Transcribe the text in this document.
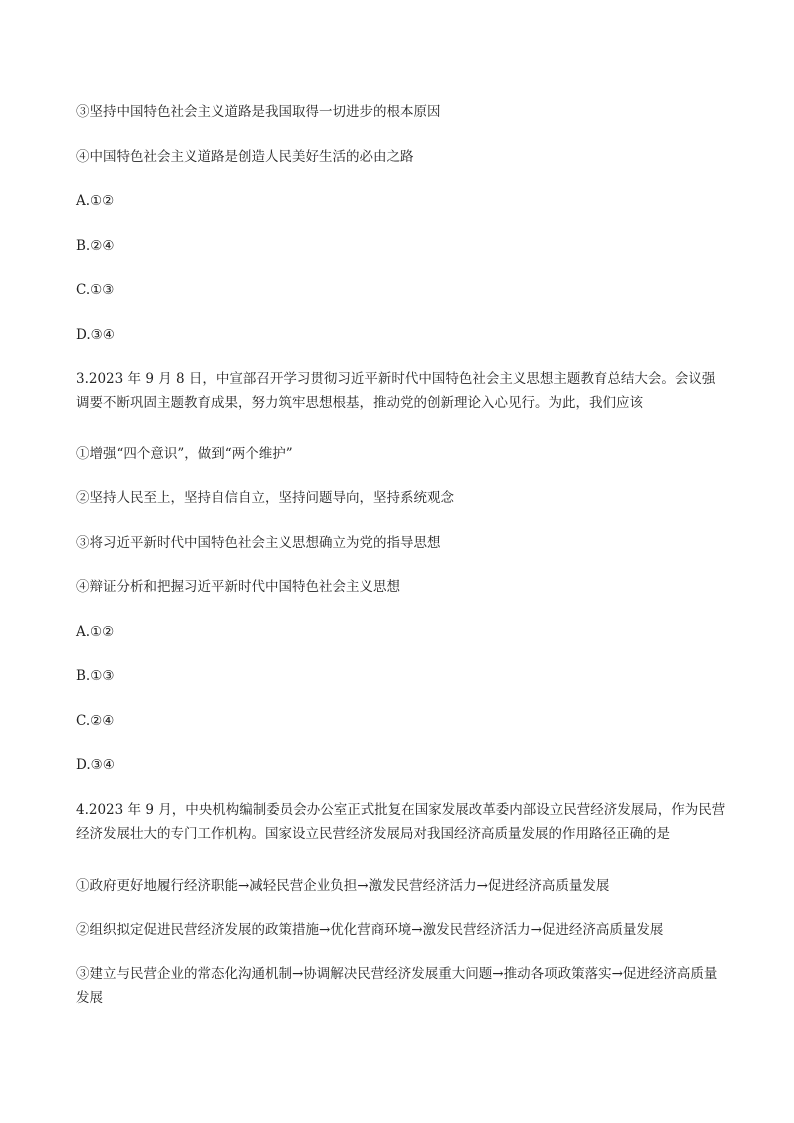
③坚持中国特色社会主义道路是我国取得一切进步的根本原因
④中国特色社会主义道路是创造人民美好生活的必由之路
A.①②
B.②④
C.①③
D.③④
3.2023 年 9 月 8 日，中宣部召开学习贯彻习近平新时代中国特色社会主义思想主题教育总结大会。会议强调要不断巩固主题教育成果，努力筑牢思想根基，推动党的创新理论入心见行。为此，我们应该
①增强“四个意识”，做到“两个维护”
②坚持人民至上，坚持自信自立，坚持问题导向，坚持系统观念
③将习近平新时代中国特色社会主义思想确立为党的指导思想
④辩证分析和把握习近平新时代中国特色社会主义思想
A.①②
B.①③
C.②④
D.③④
4.2023 年 9 月，中央机构编制委员会办公室正式批复在国家发展改革委内部设立民营经济发展局，作为民营经济发展壮大的专门工作机构。国家设立民营经济发展局对我国经济高质量发展的作用路径正确的是
①政府更好地履行经济职能→减轻民营企业负担→激发民营经济活力→促进经济高质量发展
②组织拟定促进民营经济发展的政策措施→优化营商环境→激发民营经济活力→促进经济高质量发展
③建立与民营企业的常态化沟通机制→协调解决民营经济发展重大问题→推动各项政策落实→促进经济高质量发展
